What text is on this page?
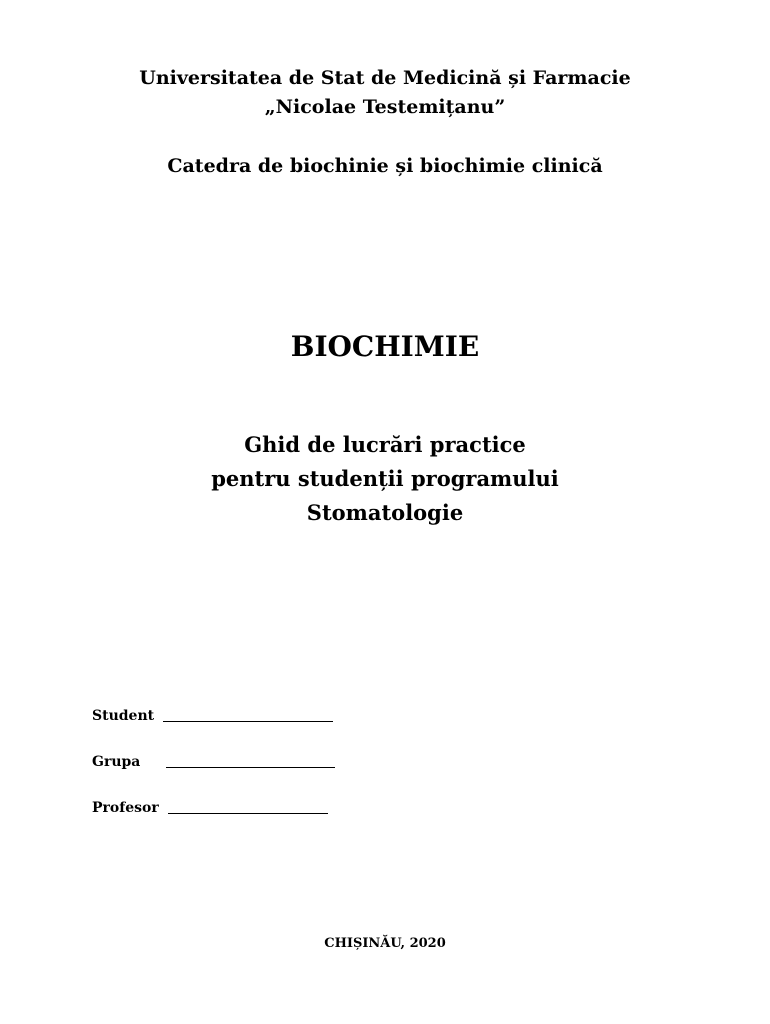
Universitatea de Stat de Medicină și Farmacie
„Nicolae Testemițanu”
Catedra de biochinie și biochimie clinică
BIOCHIMIE
Ghid de lucrări practice
pentru studenții programului
Stomatologie
Student
Grupa
Profesor
CHIȘINĂU, 2020
